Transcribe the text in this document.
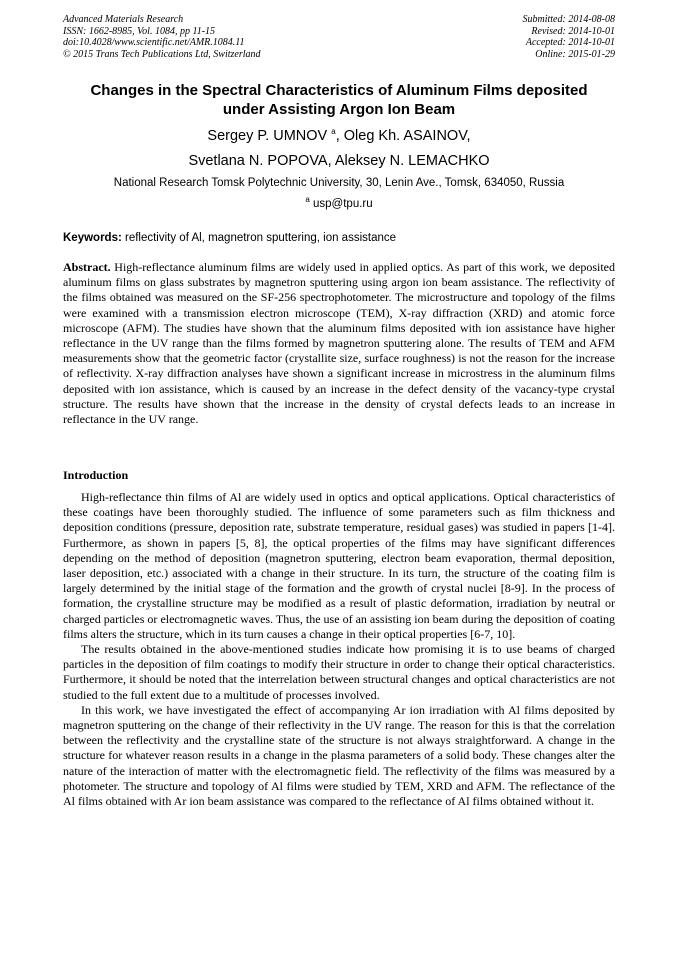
Advanced Materials Research
ISSN: 1662-8985, Vol. 1084, pp 11-15
doi:10.4028/www.scientific.net/AMR.1084.11
© 2015 Trans Tech Publications Ltd, Switzerland
Submitted: 2014-08-08
Revised: 2014-10-01
Accepted: 2014-10-01
Online: 2015-01-29
Changes in the Spectral Characteristics of Aluminum Films deposited
under Assisting Argon Ion Beam
Sergey P. UMNOV $^a$, Oleg Kh. ASAINOV,
Svetlana N. POPOVA, Aleksey N. LEMACHKO
National Research Tomsk Polytechnic University, 30, Lenin Ave., Tomsk, 634050, Russia
$^a$ usp@tpu.ru
Keywords: reflectivity of Al, magnetron sputtering, ion assistance
Abstract. High-reflectance aluminum films are widely used in applied optics. As part of this work, we deposited aluminum films on glass substrates by magnetron sputtering using argon ion beam assistance. The reflectivity of the films obtained was measured on the SF-256 spectrophotometer. The microstructure and topology of the films were examined with a transmission electron microscope (TEM), X-ray diffraction (XRD) and atomic force microscope (AFM). The studies have shown that the aluminum films deposited with ion assistance have higher reflectance in the UV range than the films formed by magnetron sputtering alone. The results of TEM and AFM measurements show that the geometric factor (crystallite size, surface roughness) is not the reason for the increase of reflectivity. X-ray diffraction analyses have shown a significant increase in microstress in the aluminum films deposited with ion assistance, which is caused by an increase in the defect density of the vacancy-type crystal structure. The results have shown that the increase in the density of crystal defects leads to an increase in reflectance in the UV range.
Introduction

High-reflectance thin films of Al are widely used in optics and optical applications. Optical characteristics of these coatings have been thoroughly studied. The influence of some parameters such as film thickness and deposition conditions (pressure, deposition rate, substrate temperature, residual gases) was studied in papers [1-4]. Furthermore, as shown in papers [5, 8], the optical properties of the films may have significant differences depending on the method of deposition (magnetron sputtering, electron beam evaporation, thermal deposition, laser deposition, etc.) associated with a change in their structure. In its turn, the structure of the coating film is largely determined by the initial stage of the formation and the growth of crystal nuclei [8-9]. In the process of formation, the crystalline structure may be modified as a result of plastic deformation, irradiation by neutral or charged particles or electromagnetic waves. Thus, the use of an assisting ion beam during the deposition of coating films alters the structure, which in its turn causes a change in their optical properties [6-7, 10].

The results obtained in the above-mentioned studies indicate how promising it is to use beams of charged particles in the deposition of film coatings to modify their structure in order to change their optical characteristics. Furthermore, it should be noted that the interrelation between structural changes and optical characteristics are not studied to the full extent due to a multitude of processes involved.

In this work, we have investigated the effect of accompanying Ar ion irradiation with Al films deposited by magnetron sputtering on the change of their reflectivity in the UV range. The reason for this is that the correlation between the reflectivity and the crystalline state of the structure is not always straightforward. A change in the structure for whatever reason results in a change in the plasma parameters of a solid body. These changes alter the nature of the interaction of matter with the electromagnetic field. The reflectivity of the films was measured by a photometer. The structure and topology of Al films were studied by TEM, XRD and AFM. The reflectance of the Al films obtained with Ar ion beam assistance was compared to the reflectance of Al films obtained without it.
